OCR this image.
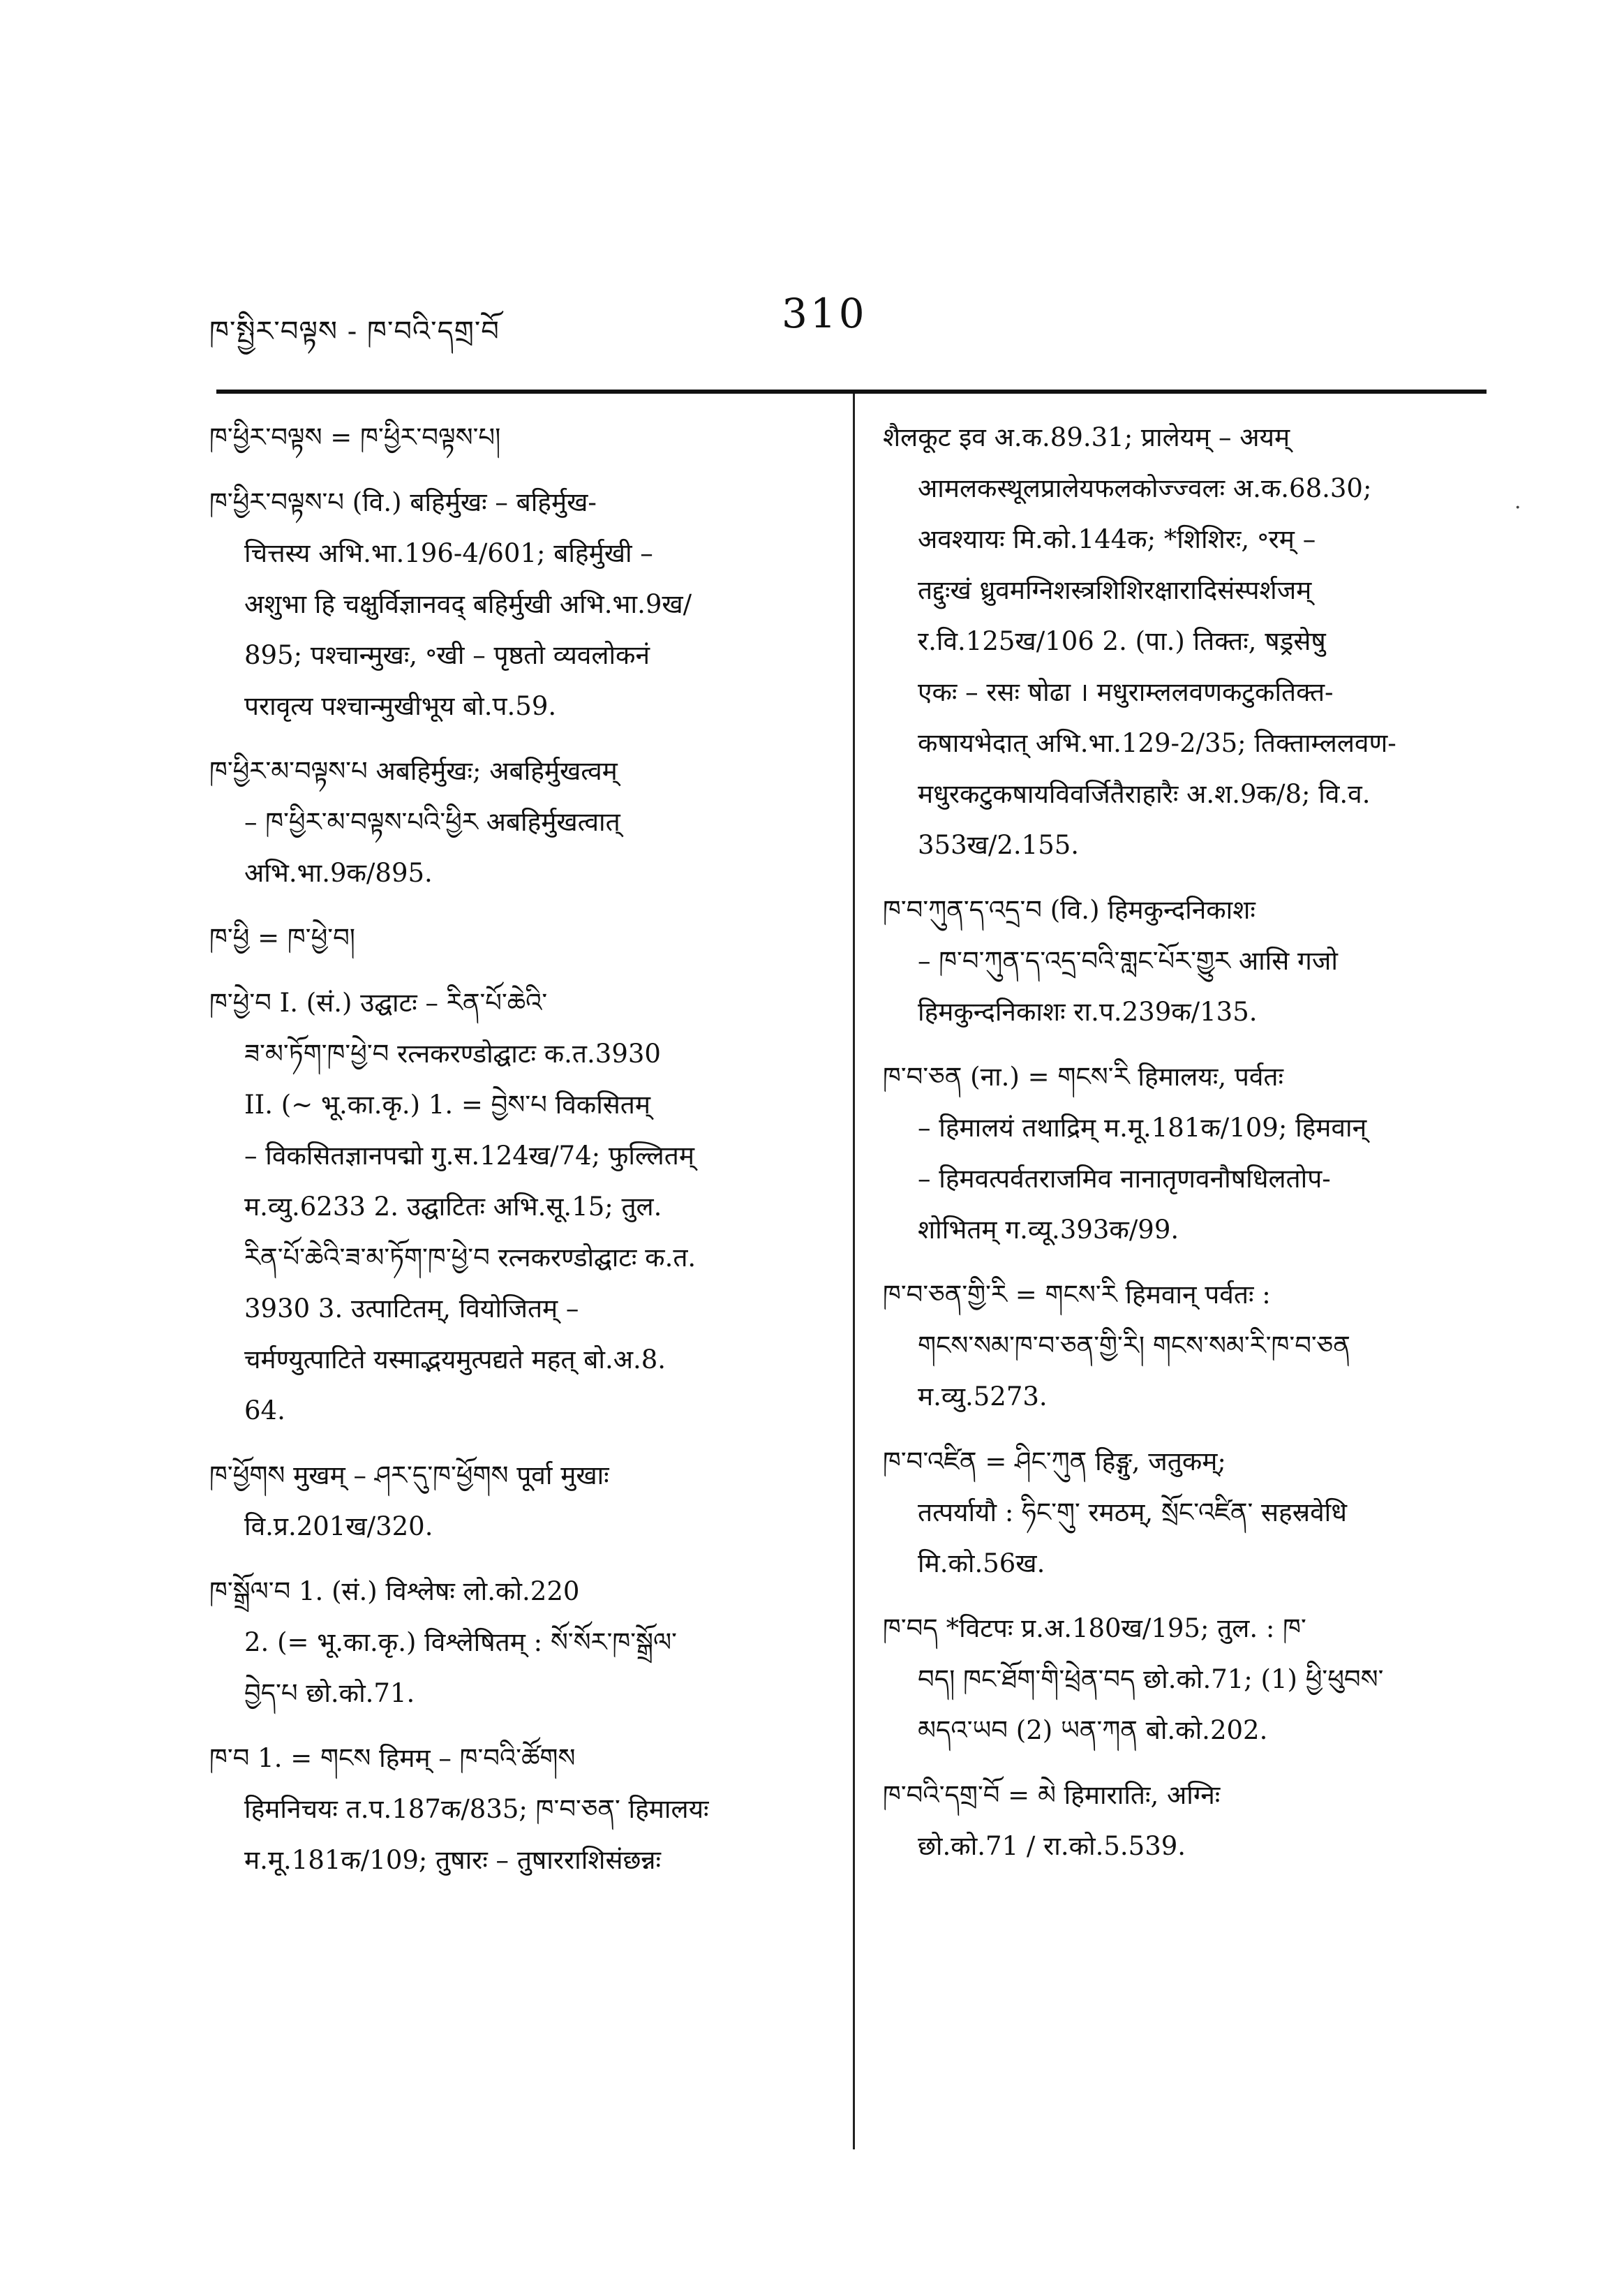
ཁ་སྤྱིར་བལྟས - ཁ་བའི་དགྲ་བོ	310
ཁ་ཕྱིར་བལྟས = ཁ་ཕྱིར་བལྟས་པ།
ཁ་ཕྱིར་བལྟས་པ (वि.) बहिर्मुखः – बहिर्मुख-
चित्तस्य अभि.भा.196-4/601; बहिर्मुखी –
अशुभा हि चक्षुर्विज्ञानवद् बहिर्मुखी अभि.भा.9ख/
895; पश्चान्मुखः, ॰खी – पृष्ठतो व्यवलोकनं
परावृत्य पश्चान्मुखीभूय बो.प.59.
ཁ་ཕྱིར་མ་བལྟས་པ अबहिर्मुखः; अबहिर्मुखत्वम्
– ཁ་ཕྱིར་མ་བལྟས་པའི་ཕྱིར अबहिर्मुखत्वात्
अभि.भा.9क/895.
ཁ་ཕྱི = ཁ་ཕྱེ་བ།
ཁ་ཕྱེ་བ I. (सं.) उद्घाटः – རིན་པོ་ཆེའི་
ཟ་མ་ཏོག་ཁ་ཕྱེ་བ रत्नकरण्डोद्घाटः क.त.3930
II. (~ भू.का.कृ.) 1. = བྱེས་པ विकसितम्
– विकसितज्ञानपद्मो गु.स.124ख/74; फुल्लितम्
म.व्यु.6233 2. उद्घाटितः अभि.सू.15; तुल.
རིན་པོ་ཆེའི་ཟ་མ་ཏོག་ཁ་ཕྱེ་བ रत्नकरण्डोद्घाटः क.त.
3930 3. उत्पाटितम्, वियोजितम् –
चर्मण्युत्पाटिते यस्माद्भयमुत्पद्यते महत् बो.अ.8.
64.
ཁ་ཕྱོགས मुखम् – ཤར་དུ་ཁ་ཕྱོགས पूर्वा मुखाः
वि.प्र.201ख/320.
ཁ་སྒྲོལ་བ 1. (सं.) विश्लेषः लो.को.220
2. (= भू.का.कृ.) विश्लेषितम् : སོ་སོར་ཁ་སྒྲོལ་
བྱེད་པ छो.को.71.
ཁ་བ 1. = གངས हिमम् – ཁ་བའི་ཚོགས
हिमनिचयः त.प.187क/835; ཁ་བ་ཅན་ हिमालयः
म.मू.181क/109; तुषारः – तुषारराशिसंछन्नः
शैलकूट इव अ.क.89.31; प्रालेयम् – अयम्
आमलकस्थूलप्रालेयफलकोज्ज्वलः अ.क.68.30;
अवश्यायः मि.को.144क; *शिशिरः, ॰रम् –
तद्दुःखं ध्रुवमग्निशस्त्रशिशिरक्षारादिसंस्पर्शजम्
र.वि.125ख/106 2. (पा.) तिक्तः, षड्रसेषु
एकः – रसः षोढा । मधुराम्ललवणकटुकतिक्त-
कषायभेदात् अभि.भा.129-2/35; तिक्ताम्ललवण-
मधुरकटुकषायविवर्जितैराहारैः अ.श.9क/8; वि.व.
353ख/2.155.
ཁ་བ་ཀུན་ད་འདྲ་བ (वि.) हिमकुन्दनिकाशः
– ཁ་བ་ཀུན་ད་འདྲ་བའི་གླང་པོར་གྱུར आसि गजो
हिमकुन्दनिकाशः रा.प.239क/135.
ཁ་བ་ཅན (ना.) = གངས་རི हिमालयः, पर्वतः
– हिमालयं तथाद्रिम् म.मू.181क/109; हिमवान्
– हिमवत्पर्वतराजमिव नानातृणवनौषधिलतोप-
शोभितम् ग.व्यू.393क/99.
ཁ་བ་ཅན་གྱི་རི = གངས་རི हिमवान् पर्वतः :
གངས་སམ་ཁ་བ་ཅན་གྱི་རི། གངས་སམ་རི་ཁ་བ་ཅན
म.व्यु.5273.
ཁ་བ་འཛིན = ཤིང་ཀུན हिङ्गु, जतुकम्;
तत्पर्यायौ : ཧིང་གུ་ रमठम्, སྲོང་འཛིན་ सहस्रवेधि
मि.को.56ख.
ཁ་བད *विटपः प्र.अ.180ख/195; तुल. : ཁ་
བད། ཁང་ཐོག་གི་ཕྲེན་བད छो.को.71; (1) ཕྱི་ཕུབས་
མདའ་ཡབ (2) ཡན་ཀན बो.को.202.
ཁ་བའི་དགྲ་བོ = མེ हिमारातिः, अग्निः
छो.को.71 / रा.को.5.539.
·
